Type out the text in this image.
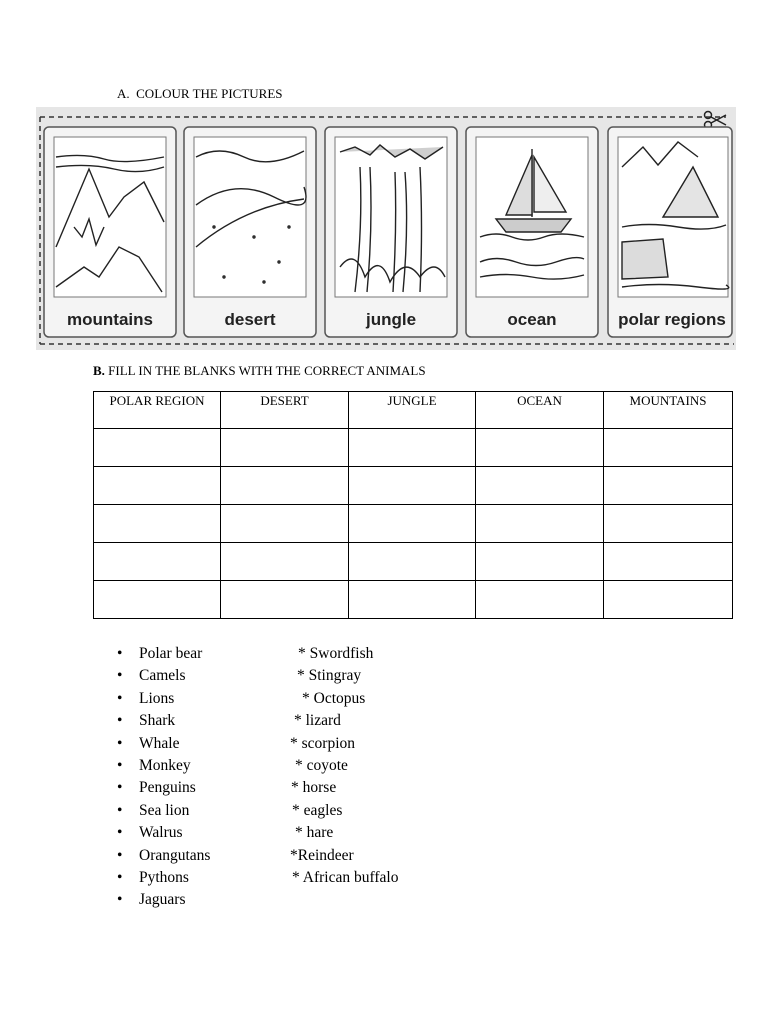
A. COLOUR THE PICTURES
mountains	desert	jungle	ocean	polar regions
B. FILL IN THE BLANKS WITH THE CORRECT ANIMALS
POLAR REGION	DESERT	JUNGLE	OCEAN	MOUNTAINS

• Polar bear
• Camels
• Lions
• Shark
• Whale
• Monkey
• Penguins
• Sea lion
• Walrus
• Orangutans
• Pythons
• Jaguars
* Swordfish
* Stingray
* Octopus
* lizard
* scorpion
* coyote
* horse
* eagles
* hare
*Reindeer
* African buffalo
